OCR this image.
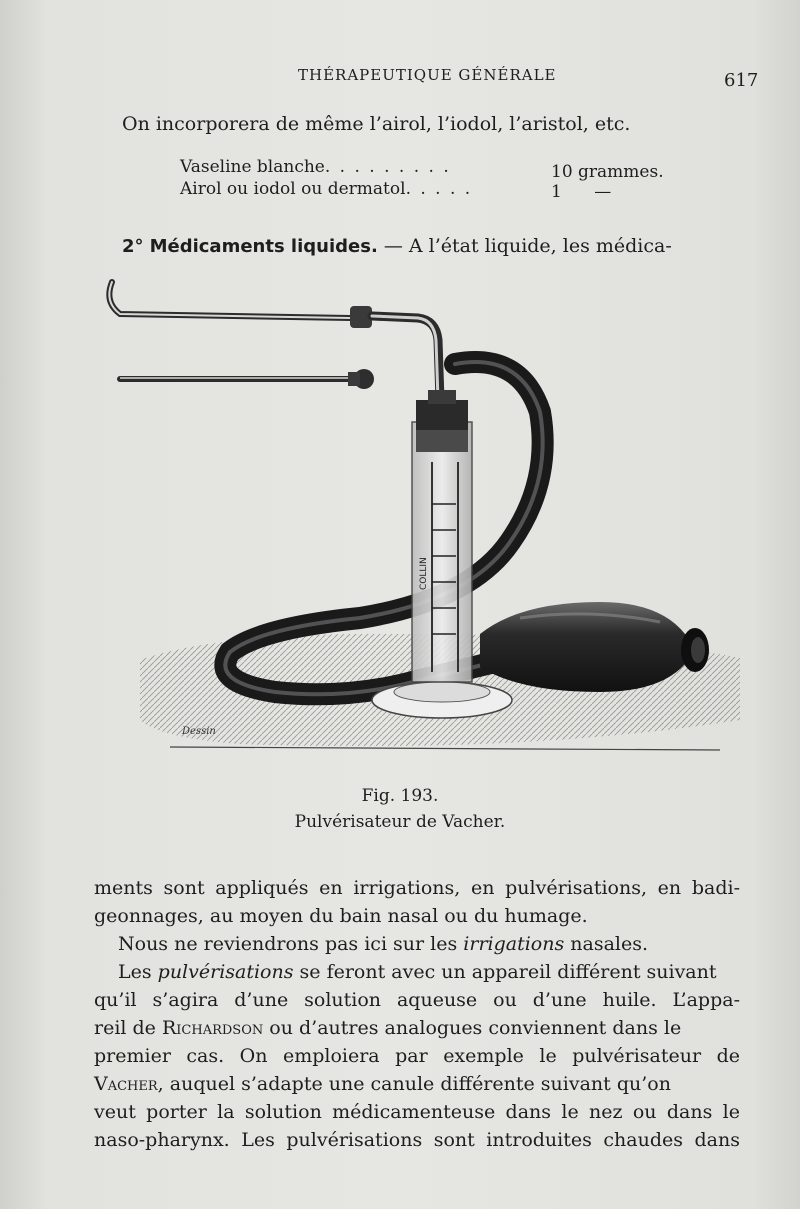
THÉRAPEUTIQUE GÉNÉRALE	617
On incorporera de même l’airol, l’iodol, l’aristol, etc.
Vaseline blanche. . . . . . . . .	10 grammes.
Airol ou iodol ou dermatol. . . . .	1      —
2° Médicaments liquides. — A l’état liquide, les médica-
COLLIN
Dessin
Fig. 193.
Pulvérisateur de Vacher.
ments sont appliqués en irrigations, en pulvérisations, en badi-
geonnages, au moyen du bain nasal ou du humage.
Nous ne reviendrons pas ici sur les irrigations nasales.
Les pulvérisations se feront avec un appareil différent suivant
qu’il s’agira d’une solution aqueuse ou d’une huile. L’appa-
reil de Richardson ou d’autres analogues conviennent dans le
premier cas. On emploiera par exemple le pulvérisateur de
Vacher, auquel s’adapte une canule différente suivant qu’on
veut porter la solution médicamenteuse dans le nez ou dans le
naso-pharynx. Les pulvérisations sont introduites chaudes dans
